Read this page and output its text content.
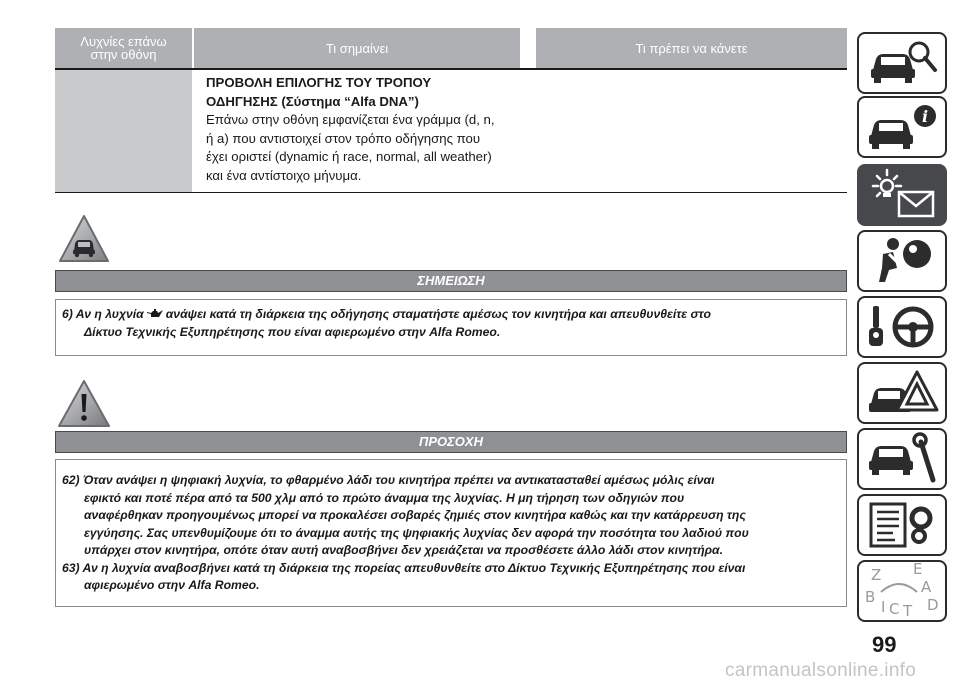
Λυχνίες επάνω
στην οθόνη	Τι σημαίνει	Τι πρέπει να κάνετε
ΠΡΟΒΟΛΗ ΕΠΙΛΟΓΗΣ ΤΟΥ ΤΡΟΠΟΥ
ΟΔΗΓΗΣΗΣ (Σύστημα “Alfa DNA”)
Επάνω στην οθόνη εμφανίζεται ένα γράμμα (d, n,
ή a) που αντιστοιχεί στον τρόπο οδήγησης που
έχει οριστεί (dynamic ή race, normal, all weather)
και ένα αντίστοιχο μήνυμα.
ΣΗΜΕΙΩΣΗ
6) Αν η λυχνία ανάψει κατά τη διάρκεια της οδήγησης σταματήστε αμέσως τον κινητήρα και απευθυνθείτε στο
Δίκτυο Τεχνικής Εξυπηρέτησης που είναι αφιερωμένο στην Alfa Romeo.
ΠΡΟΣΟΧΗ
62) Όταν ανάψει η ψηφιακή λυχνία, το φθαρμένο λάδι του κινητήρα πρέπει να αντικατασταθεί αμέσως μόλις είναι
εφικτό και ποτέ πέρα από τα 500 χλμ από το πρώτο άναμμα της λυχνίας. Η μη τήρηση των οδηγιών που
αναφέρθηκαν προηγουμένως μπορεί να προκαλέσει σοβαρές ζημιές στον κινητήρα καθώς και την κατάρρευση της
εγγύησης. Σας υπενθυμίζουμε ότι το άναμμα αυτής της ψηφιακής λυχνίας δεν αφορά την ποσότητα του λαδιού που
υπάρχει στον κινητήρα, οπότε όταν αυτή αναβοσβήνει δεν χρειάζεται να προσθέσετε άλλο λάδι στον κινητήρα.
63) Αν η λυχνία αναβοσβήνει κατά τη διάρκεια της πορείας απευθυνθείτε στο Δίκτυο Τεχνικής Εξυπηρέτησης που είναι
αφιερωμένο στην Alfa Romeo.
i
Z E
A
B
C T D
I
99
carmanualsonline.info
